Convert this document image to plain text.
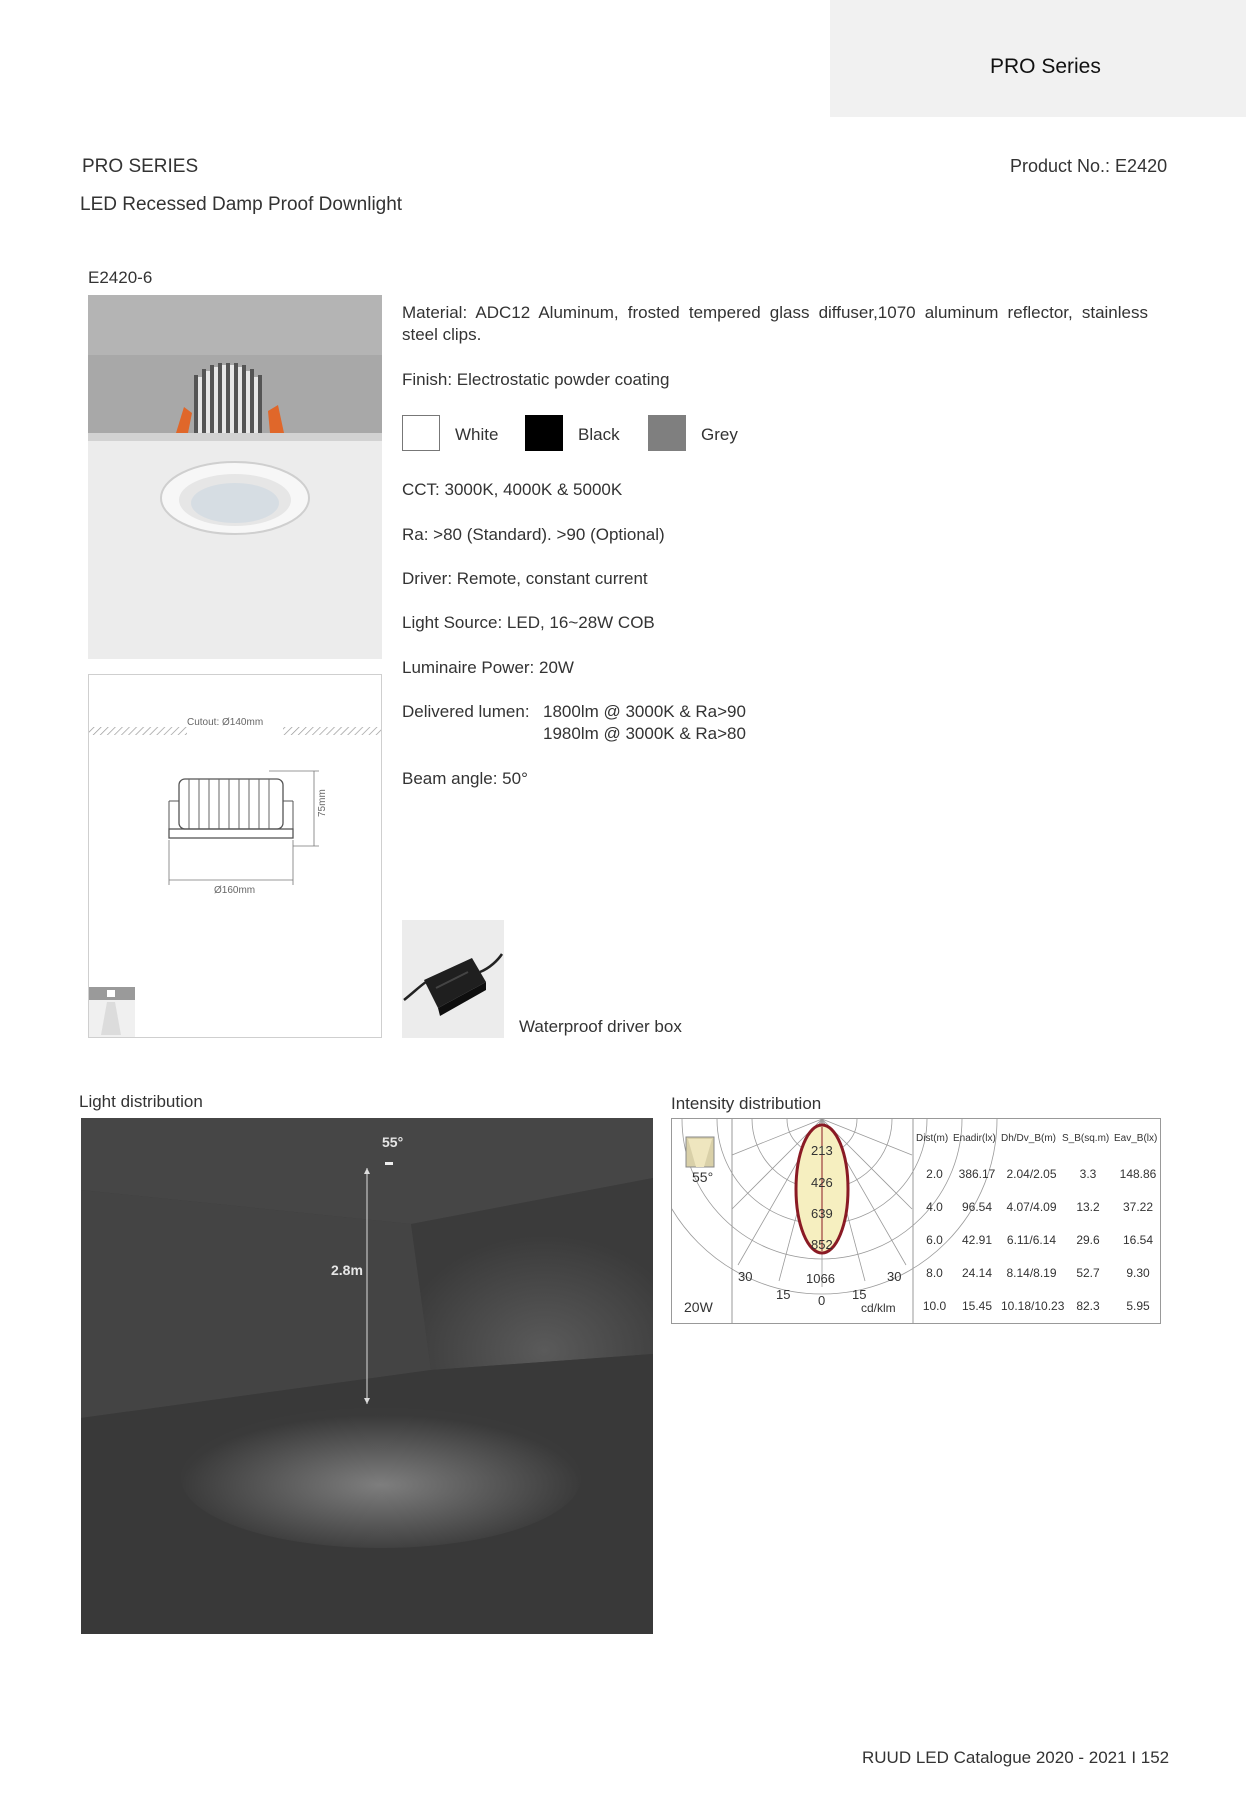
PRO Series
PRO SERIES	Product No.: E2420
LED Recessed Damp Proof Downlight
E2420-6
Cutout: Ø140mm
75mm
Ø160mm
Material: ADC12 Aluminum, frosted tempered glass diffuser,1070 aluminum reflector, stainless steel clips.
Finish: Electrostatic powder coating
White	Black	Grey
CCT: 3000K, 4000K & 5000K
Ra: >80 (Standard). >90 (Optional)
Driver: Remote, constant current
Light Source: LED, 16~28W COB
Luminaire Power: 20W
Delivered lumen: 1800lm @ 3000K & Ra>90
1980lm @ 3000K & Ra>80
Beam angle: 50°
Waterproof driver box
Light distribution
55°
2.8m
Intensity distribution
55°
20W
213
426
639
852
1066
30
15 0 15
30
cd/klm
Dist(m) Enadir(lx) Dh/Dv_B(m) S_B(sq.m) Eav_B(lx)
2.0	386.17 2.04/2.05	3.3	148.86
4.0	96.54	4.07/4.09	13.2	37.22
6.0	42.91	6.11/6.14	29.6	16.54
8.0	24.14	8.14/8.19	52.7	9.30
10.0	15.45 10.18/10.23 82.3	5.95
RUUD LED Catalogue 2020 - 2021 I 152
